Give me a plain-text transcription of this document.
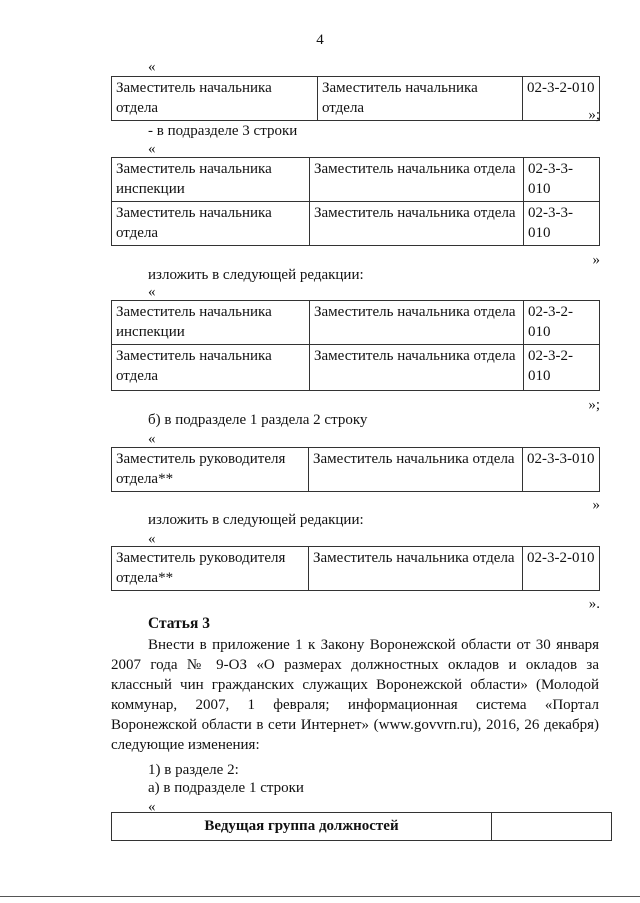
4
«
Заместитель начальника отдела	Заместитель начальника отдела	02-3-2-010
»;
- в подразделе 3 строки
«
Заместитель начальника инспекции	Заместитель начальника отдела	02-3-3-010
Заместитель начальника отдела	Заместитель начальника отдела	02-3-3-010
»
изложить в следующей редакции:
«
Заместитель начальника инспекции	Заместитель начальника отдела	02-3-2-010
Заместитель начальника отдела	Заместитель начальника отдела	02-3-2-010
»;
б) в подразделе 1 раздела 2 строку
«
Заместитель руководителя отдела**	Заместитель начальника отдела	02-3-3-010
»
изложить в следующей редакции:
«
Заместитель руководителя отдела**	Заместитель начальника отдела	02-3-2-010
».
Статья 3
Внести в приложение 1 к Закону Воронежской области от 30 января 2007 года № 9-ОЗ «О размерах должностных окладов и окладов за классный чин гражданских служащих Воронежской области» (Молодой коммунар, 2007, 1 февраля; информационная система «Портал Воронежской области в сети Интернет» (www.govvrn.ru), 2016, 26 декабря) следующие изменения:
1) в разделе 2:
а) в подразделе 1 строки
«
Ведущая группа должностей	
